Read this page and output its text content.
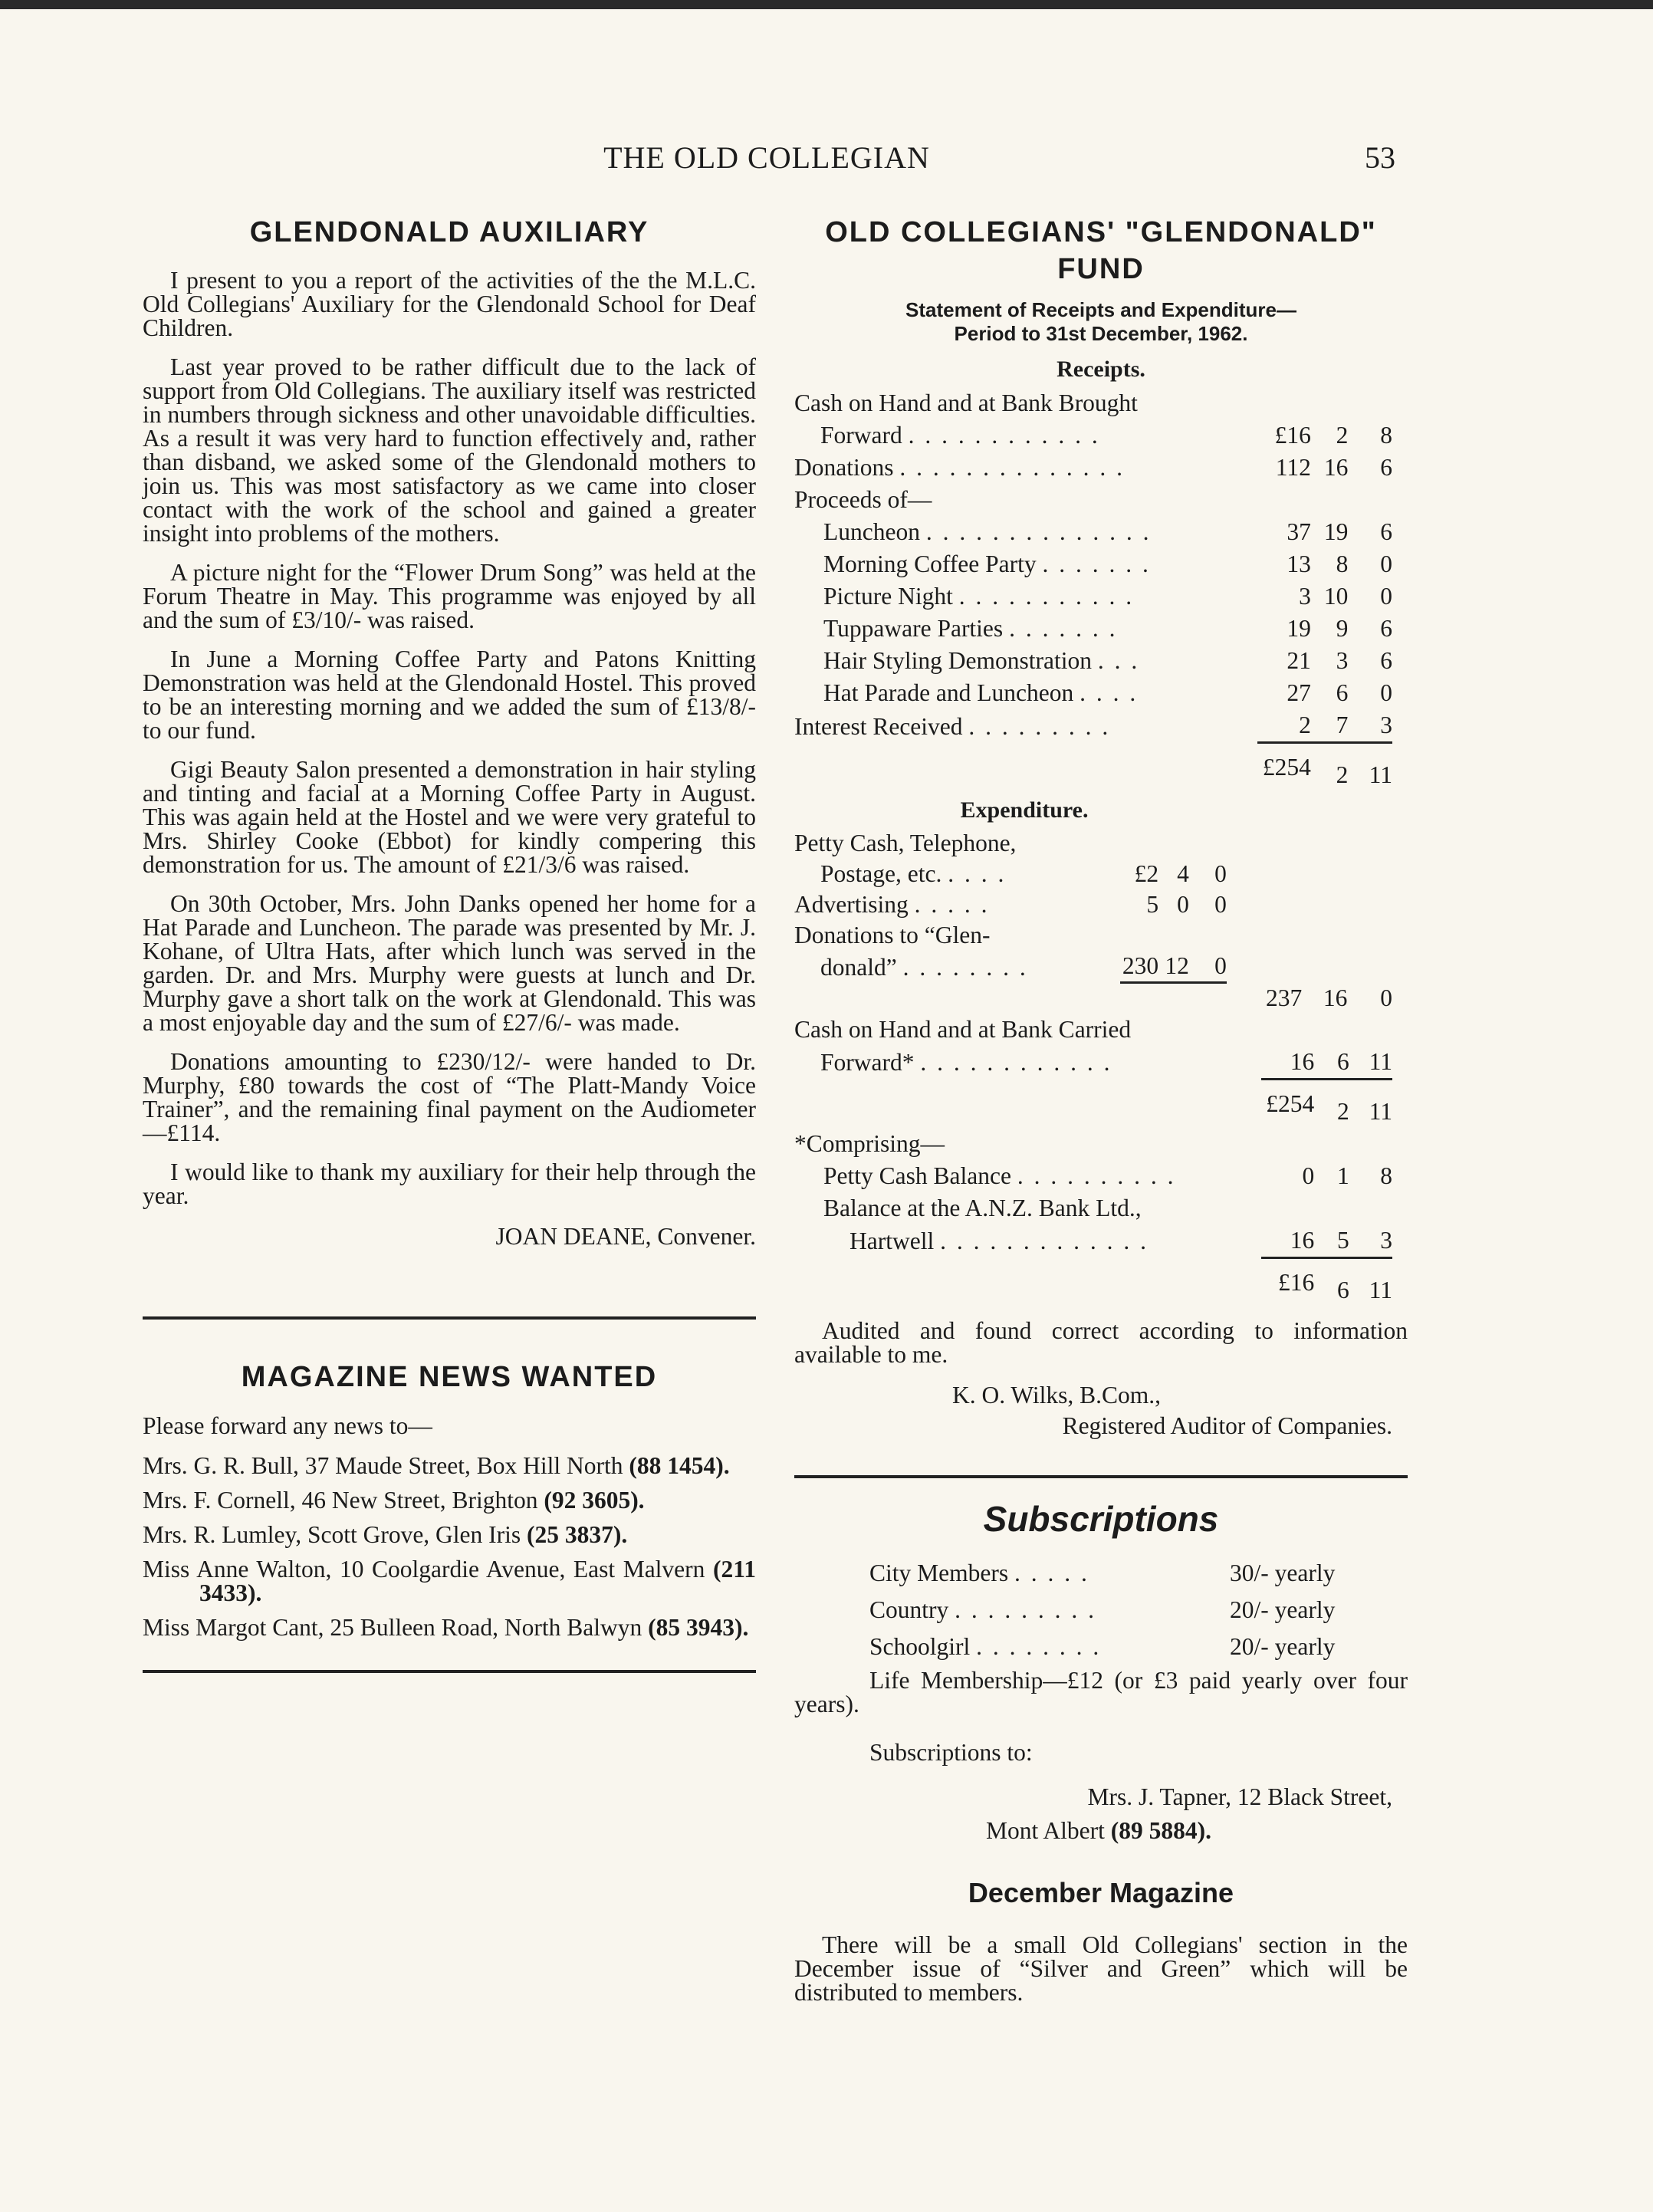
THE OLD COLLEGIAN	53
GLENDONALD AUXILIARY

I present to you a report of the activities of the the M.L.C. Old Collegians' Auxiliary for the Glendonald School for Deaf Children.

Last year proved to be rather difficult due to the lack of support from Old Collegians. The auxiliary itself was restricted in numbers through sickness and other unavoidable difficulties. As a result it was very hard to function effectively and, rather than disband, we asked some of the Glendonald mothers to join us. This was most satisfactory as we came into closer contact with the work of the school and gained a greater insight into problems of the mothers.

A picture night for the “Flower Drum Song” was held at the Forum Theatre in May. This programme was enjoyed by all and the sum of £3/10/- was raised.

In June a Morning Coffee Party and Patons Knitting Demonstration was held at the Glendonald Hostel. This proved to be an interesting morning and we added the sum of £13/8/- to our fund.

Gigi Beauty Salon presented a demonstration in hair styling and tinting and facial at a Morning Coffee Party in August. This was again held at the Hostel and we were very grateful to Mrs. Shirley Cooke (Ebbot) for kindly compering this demonstration for us. The amount of £21/3/6 was raised.

On 30th October, Mrs. John Danks opened her home for a Hat Parade and Luncheon. The parade was presented by Mr. J. Kohane, of Ultra Hats, after which lunch was served in the garden. Dr. and Mrs. Murphy were guests at lunch and Dr. Murphy gave a short talk on the work at Glendonald. This was a most enjoyable day and the sum of £27/6/- was made.

Donations amounting to £230/12/- were handed to Dr. Murphy, £80 towards the cost of “The Platt-Mandy Voice Trainer”, and the remaining final payment on the Audiometer—£114.

I would like to thank my auxiliary for their help through the year.

JOAN DEANE, Convener.
MAGAZINE NEWS WANTED

Please forward any news to—

Mrs. G. R. Bull, 37 Maude Street, Box Hill North (88 1454).

Mrs. F. Cornell, 46 New Street, Brighton (92 3605).

Mrs. R. Lumley, Scott Grove, Glen Iris (25 3837).

Miss Anne Walton, 10 Coolgardie Avenue, East Malvern (211 3433).

Miss Margot Cant, 25 Bulleen Road, North Balwyn (85 3943).

OLD COLLEGIANS' "GLENDONALD" FUND
Statement of Receipts and Expenditure—
Period to 31st December, 1962.
Receipts.
Cash on Hand and at Bank Brought			
Forward . . . . . . . . . . . .	£16	2	8
Donations . . . . . . . . . . . . . .	112	16	6
Proceeds of—			
Luncheon . . . . . . . . . . . . . .	37	19	6
Morning Coffee Party . . . . . . .	13	8	0
Picture Night . . . . . . . . . . .	3	10	0
Tuppaware Parties . . . . . . .	19	9	6
Hair Styling Demonstration . . .	21	3	6
Hat Parade and Luncheon . . . .	27	6	0
Interest Received . . . . . . . . .	2	7	3
	£254	2	11
Expenditure.
Petty Cash, Telephone,						
Postage, etc. . . . .	£2	4	0			
Advertising . . . . .	5	0	0			
Donations to “Glen-						
donald” . . . . . . . .	230	12	0			
				237	16	0
Cash on Hand and at Bank Carried			
Forward* . . . . . . . . . . . .	16	6	11
	£254	2	11
*Comprising—			
Petty Cash Balance . . . . . . . . . .	0	1	8
Balance at the A.N.Z. Bank Ltd.,			
Hartwell . . . . . . . . . . . . .	16	5	3
	£16	6	11

Audited and found correct according to information available to me.

K. O. Wilks, B.Com.,
Registered Auditor of Companies.
Subscriptions
City Members . . . . .	30/- yearly
Country . . . . . . . . .	20/- yearly
Schoolgirl . . . . . . . .	20/- yearly

Life Membership—£12 (or £3 paid yearly over four years).

Subscriptions to:
Mrs. J. Tapner, 12 Black Street,
Mont Albert (89 5884).
December Magazine

There will be a small Old Collegians' section in the December issue of “Silver and Green” which will be distributed to members.
